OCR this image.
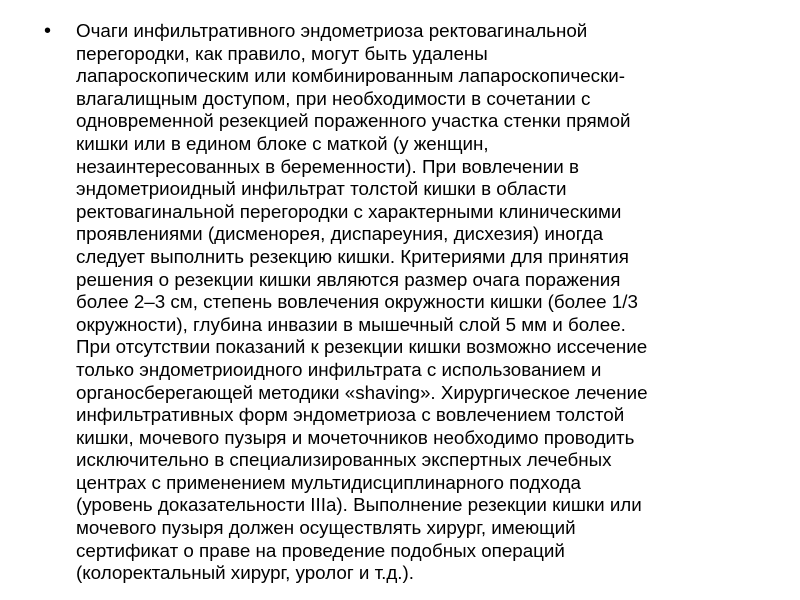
•	Очаги инфильтративного эндометриоза ректовагинальной
перегородки, как правило, могут быть удалены
лапароскопическим или комбинированным лапароскопически-
влагалищным доступом, при необходимости в сочетании с
одновременной резекцией пораженного участка стенки прямой
кишки или в едином блоке с маткой (у женщин,
незаинтересованных в беременности). При вовлечении в
эндометриоидный инфильтрат толстой кишки в области
ректовагинальной перегородки с характерными клиническими
проявлениями (дисменорея, диспареуния, дисхезия) иногда
следует выполнить резекцию кишки. Критериями для принятия
решения о резекции кишки являются размер очага поражения
более 2–3 см, степень вовлечения окружности кишки (более 1/3
окружности), глубина инвазии в мышечный слой 5 мм и более.
При отсутствии показаний к резекции кишки возможно иссечение
только эндометриоидного инфильтрата с использованием и
органосберегающей методики «shaving». Хирургическое лечение
инфильтративных форм эндометриоза с вовлечением толстой
кишки, мочевого пузыря и мочеточников необходимо проводить
исключительно в специализированных экспертных лечебных
центрах с применением мультидисциплинарного подхода
(уровень доказательности IIIa). Выполнение резекции кишки или
мочевого пузыря должен осуществлять хирург, имеющий
сертификат о праве на проведение подобных операций
(колоректальный хирург, уролог и т.д.).
